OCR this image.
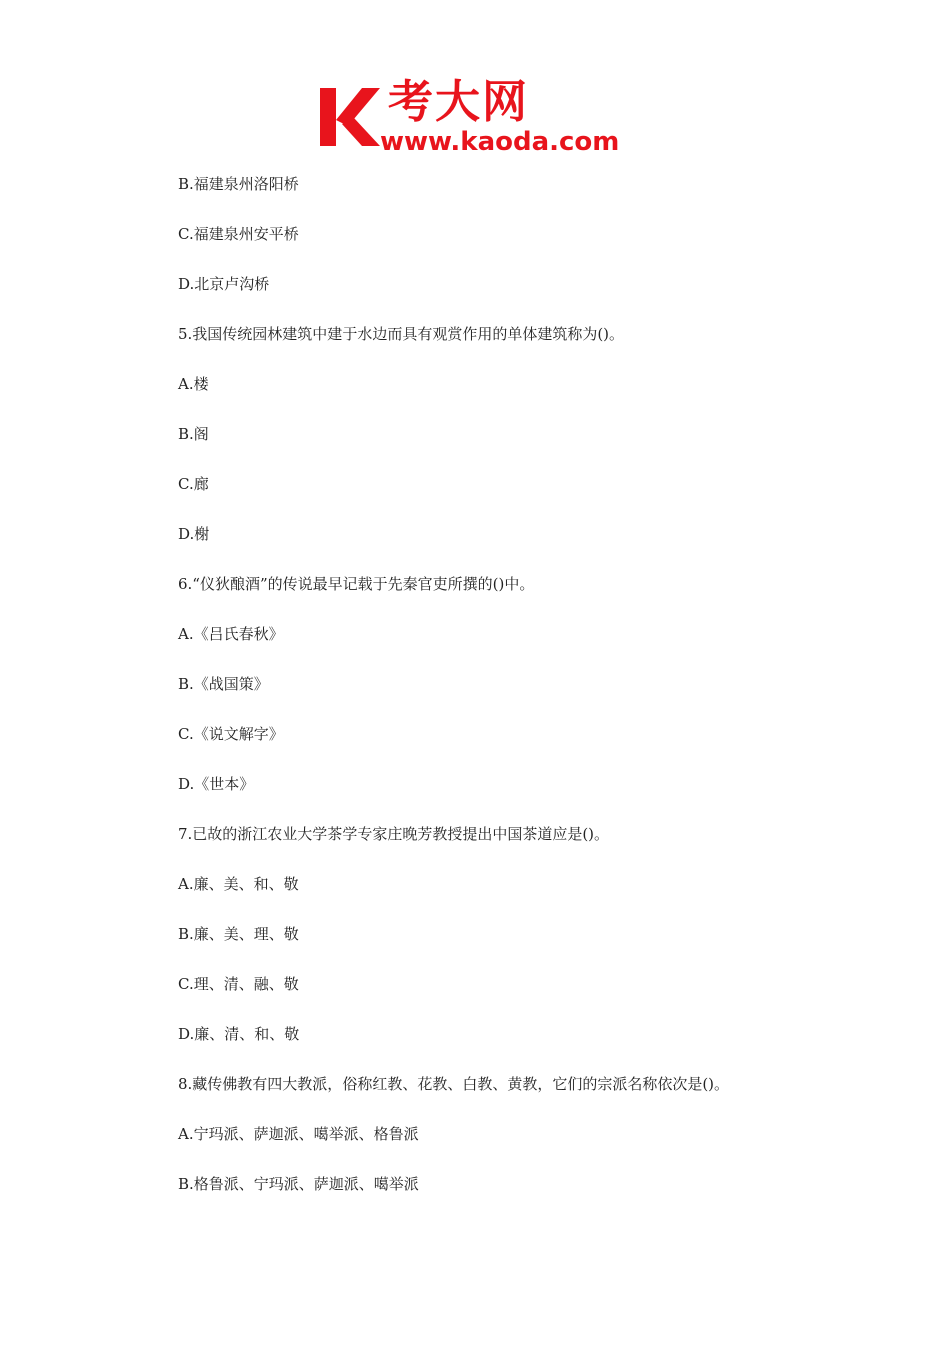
考大网
www.kaoda.com
B.福建泉州洛阳桥
C.福建泉州安平桥
D.北京卢沟桥
5.我国传统园林建筑中建于水边而具有观赏作用的单体建筑称为()。
A.楼
B.阁
C.廊
D.榭
6.“仪狄酿酒”的传说最早记载于先秦官吏所撰的()中。
A.《吕氏春秋》
B.《战国策》
C.《说文解字》
D.《世本》
7.已故的浙江农业大学茶学专家庄晚芳教授提出中国茶道应是()。
A.廉、美、和、敬
B.廉、美、理、敬
C.理、清、融、敬
D.廉、清、和、敬
8.藏传佛教有四大教派，俗称红教、花教、白教、黄教，它们的宗派名称依次是()。
A.宁玛派、萨迦派、噶举派、格鲁派
B.格鲁派、宁玛派、萨迦派、噶举派
